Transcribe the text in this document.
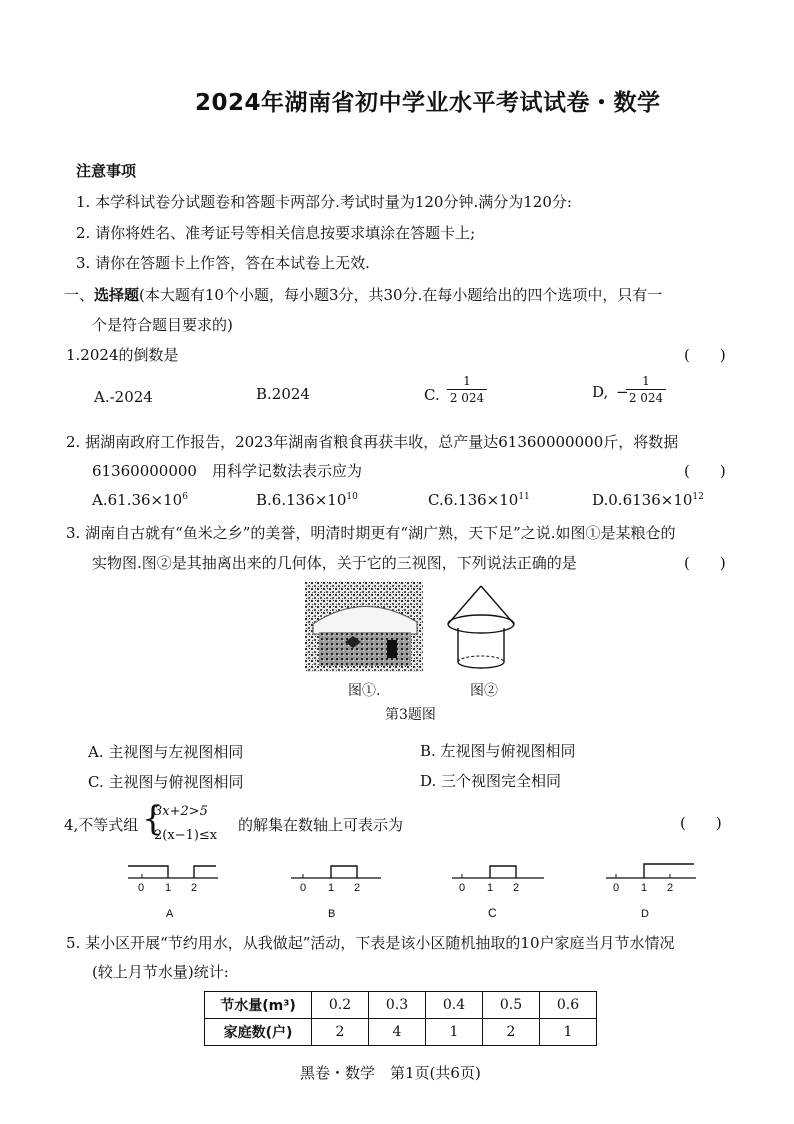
2024年湖南省初中学业水平考试试卷・数学
注意事项
1. 本学科试卷分试题卷和答题卡两部分.考试时量为120分钟.满分为120分:
2. 请你将姓名、准考证号等相关信息按要求填涂在答题卡上;
3. 请你在答题卡上作答，答在本试卷上无效.
一、选择题(本大题有10个小题，每小题3分，共30分.在每小题给出的四个选项中，只有一
个是符合题目要求的)
1.2024的倒数是	(　　)
A.-2024	B.2024	C.
1
2 024	D, −
1
2 024
2. 据湖南政府工作报告，2023年湖南省粮食再获丰收，总产量达61360000000斤，将数据
61360000000　用科学记数法表示应为	(　　)
$A.61.36\times 10^6$	$B.6.136\times 10^{10}$	$C.6.136\times 10^{11}$	$D.0.6136\times 10^{12}$
3. 湖南自古就有“鱼米之乡”的美誉，明清时期更有“湖广熟，天下足”之说.如图①是某粮仓的
实物图.图②是其抽离出来的几何体，关于它的三视图，下列说法正确的是	(　　)
图①.	图②
第3题图
A. 主视图与左视图相同	B. 左视图与俯视图相同
C. 主视图与俯视图相同	D. 三个视图完全相同
4,不等式组 {
3x+2>5
2(x−1)≤x
的解集在数轴上可表示为	(　　)
0 1 2
A
0 1 2
B
0 1 2
C
0 1 2
D
5. 某小区开展“节约用水，从我做起”活动，下表是该小区随机抽取的10户家庭当月节水情况
(较上月节水量)统计:
节水量(m³)	0.2	0.3	0.4	0.5	0.6
家庭数(户)	2	4	1	2	1
黑卷・数学　第1页(共6页)
